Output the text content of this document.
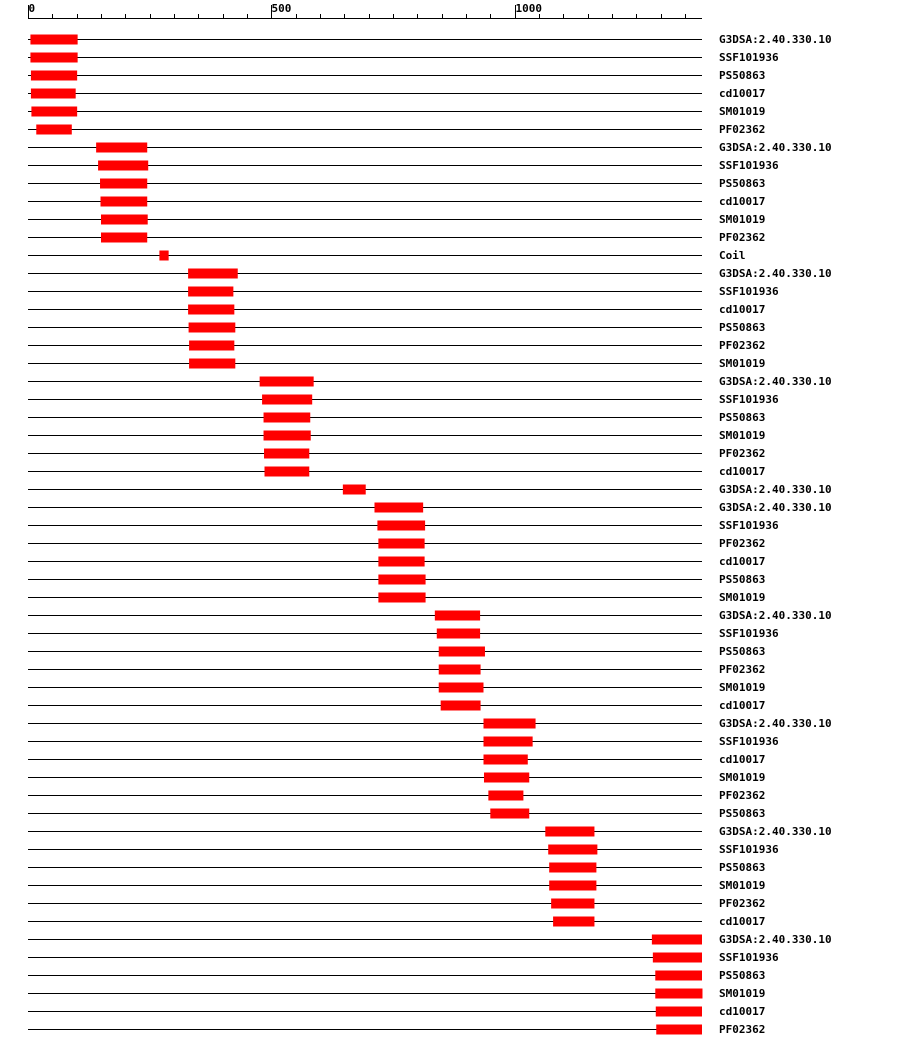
0	500	1000
G3DSA:2.40.330.10
SSF101936
PS50863
cd10017
SM01019
PF02362
G3DSA:2.40.330.10
SSF101936
PS50863
cd10017
SM01019
PF02362
Coil
G3DSA:2.40.330.10
SSF101936
cd10017
PS50863
PF02362
SM01019
G3DSA:2.40.330.10
SSF101936
PS50863
SM01019
PF02362
cd10017
G3DSA:2.40.330.10
G3DSA:2.40.330.10
SSF101936
PF02362
cd10017
PS50863
SM01019
G3DSA:2.40.330.10
SSF101936
PS50863
PF02362
SM01019
cd10017
G3DSA:2.40.330.10
SSF101936
cd10017
SM01019
PF02362
PS50863
G3DSA:2.40.330.10
SSF101936
PS50863
SM01019
PF02362
cd10017
G3DSA:2.40.330.10
SSF101936
PS50863
SM01019
cd10017
PF02362
